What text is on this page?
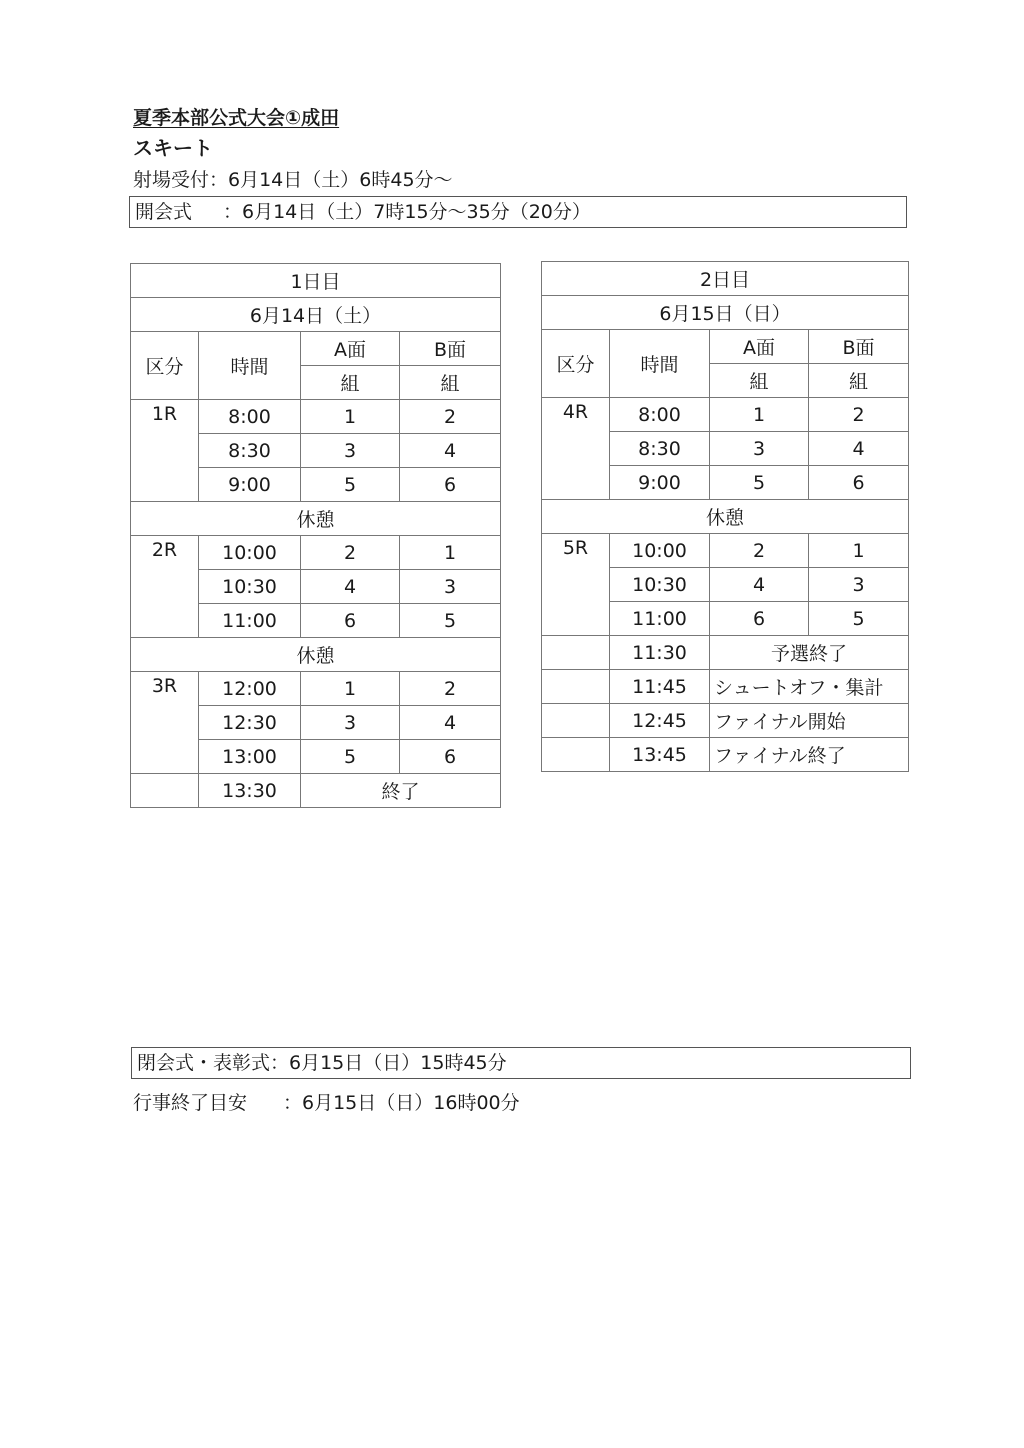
夏季本部公式大会①成田
スキート
射場受付：6月14日（土）6時45分～
開会式 ：6月14日（土）7時15分～35分（20分）
1日目			
6月14日（土）			
区分	時間	A面	B面
		組	組
1R	8:00	1	2
	8:30	3	4
	9:00	5	6
休憩			
2R	10:00	2	1
	10:30	4	3
	11:00	6	5
休憩			
3R	12:00	1	2
	12:30	3	4
	13:00	5	6
	13:30	終了	
2日目			
6月15日（日）			
区分	時間	A面	B面
		組	組
4R	8:00	1	2
	8:30	3	4
	9:00	5	6
休憩			
5R	10:00	2	1
	10:30	4	3
	11:00	6	5
	11:30	予選終了	
	11:45	シュートオフ・集計	
	12:45	ファイナル開始	
	13:45	ファイナル終了	
閉会式・表彰式：6月15日（日）15時45分
行事終了目安 ：6月15日（日）16時00分
